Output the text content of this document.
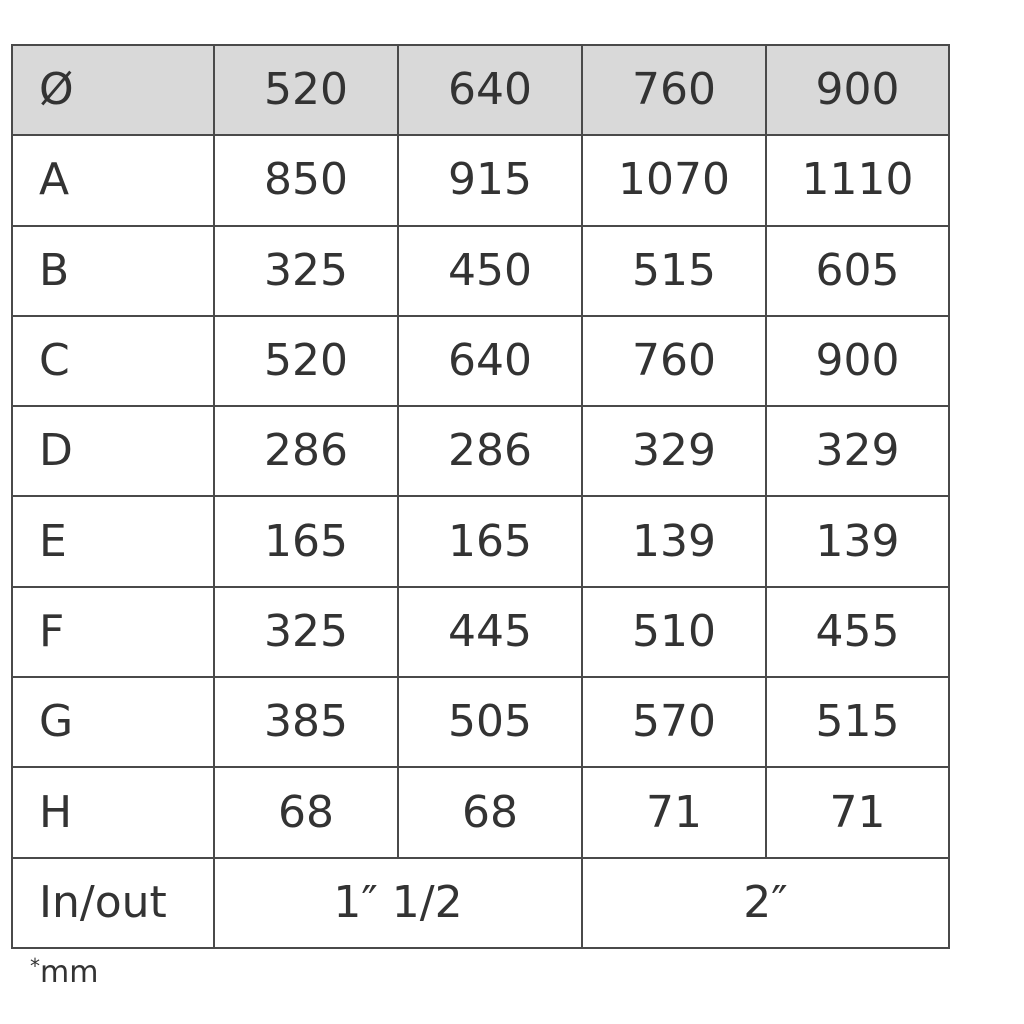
Ø	520	640	760	900
A	850	915	1070	1110
B	325	450	515	605
C	520	640	760	900
D	286	286	329	329
E	165	165	139	139
F	325	445	510	455
G	385	505	570	515
H	68	68	71	71
In/out	1″ 1/2		2″	
*mm
